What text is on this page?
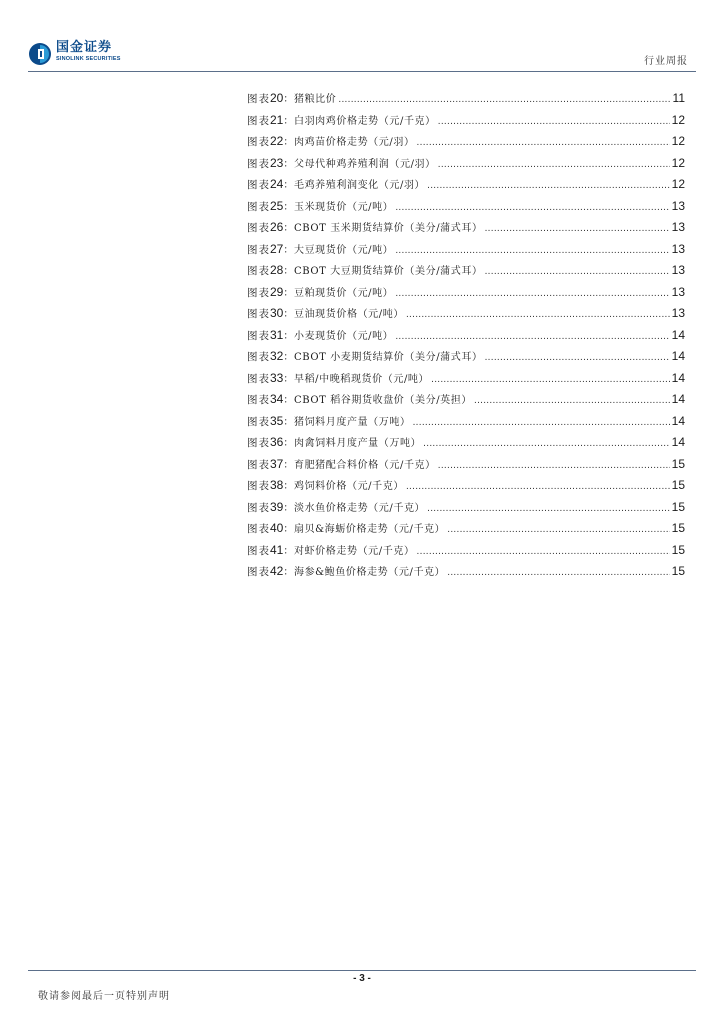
国金证券
SINOLINK SECURITIES	行业周报
图表 20 ： 猪粮比价 .....	11
图表 21 ： 白羽肉鸡价格走势（元/千克） .....	12
图表 22 ： 肉鸡苗价格走势（元/羽） .....	12
图表 23 ： 父母代种鸡养殖利润（元/羽） .....	12
图表 24 ： 毛鸡养殖利润变化（元/羽） .....	12
图表 25 ： 玉米现货价（元/吨） .....	13
图表 26 ： CBOT 玉米期货结算价（美分/蒲式耳） .....	13
图表 27 ： 大豆现货价（元/吨） .....	13
图表 28 ： CBOT 大豆期货结算价（美分/蒲式耳） .....	13
图表 29 ： 豆粕现货价（元/吨） .....	13
图表 30 ： 豆油现货价格（元/吨） .....	13
图表 31 ： 小麦现货价（元/吨） .....	14
图表 32 ： CBOT 小麦期货结算价（美分/蒲式耳） .....	14
图表 33 ： 早稻/中晚稻现货价（元/吨） .....	14
图表 34 ： CBOT 稻谷期货收盘价（美分/英担） .....	14
图表 35 ： 猪饲料月度产量（万吨） .....	14
图表 36 ： 肉禽饲料月度产量（万吨） .....	14
图表 37 ： 育肥猪配合料价格（元/千克） .....	15
图表 38 ： 鸡饲料价格（元/千克） .....	15
图表 39 ： 淡水鱼价格走势（元/千克） .....	15
图表 40 ： 扇贝&海蛎价格走势（元/千克） .....	15
图表 41 ： 对虾价格走势（元/千克） .....	15
图表 42 ： 海参&鲍鱼价格走势（元/千克） .....	15
- 3 -
敬请参阅最后一页特别声明
